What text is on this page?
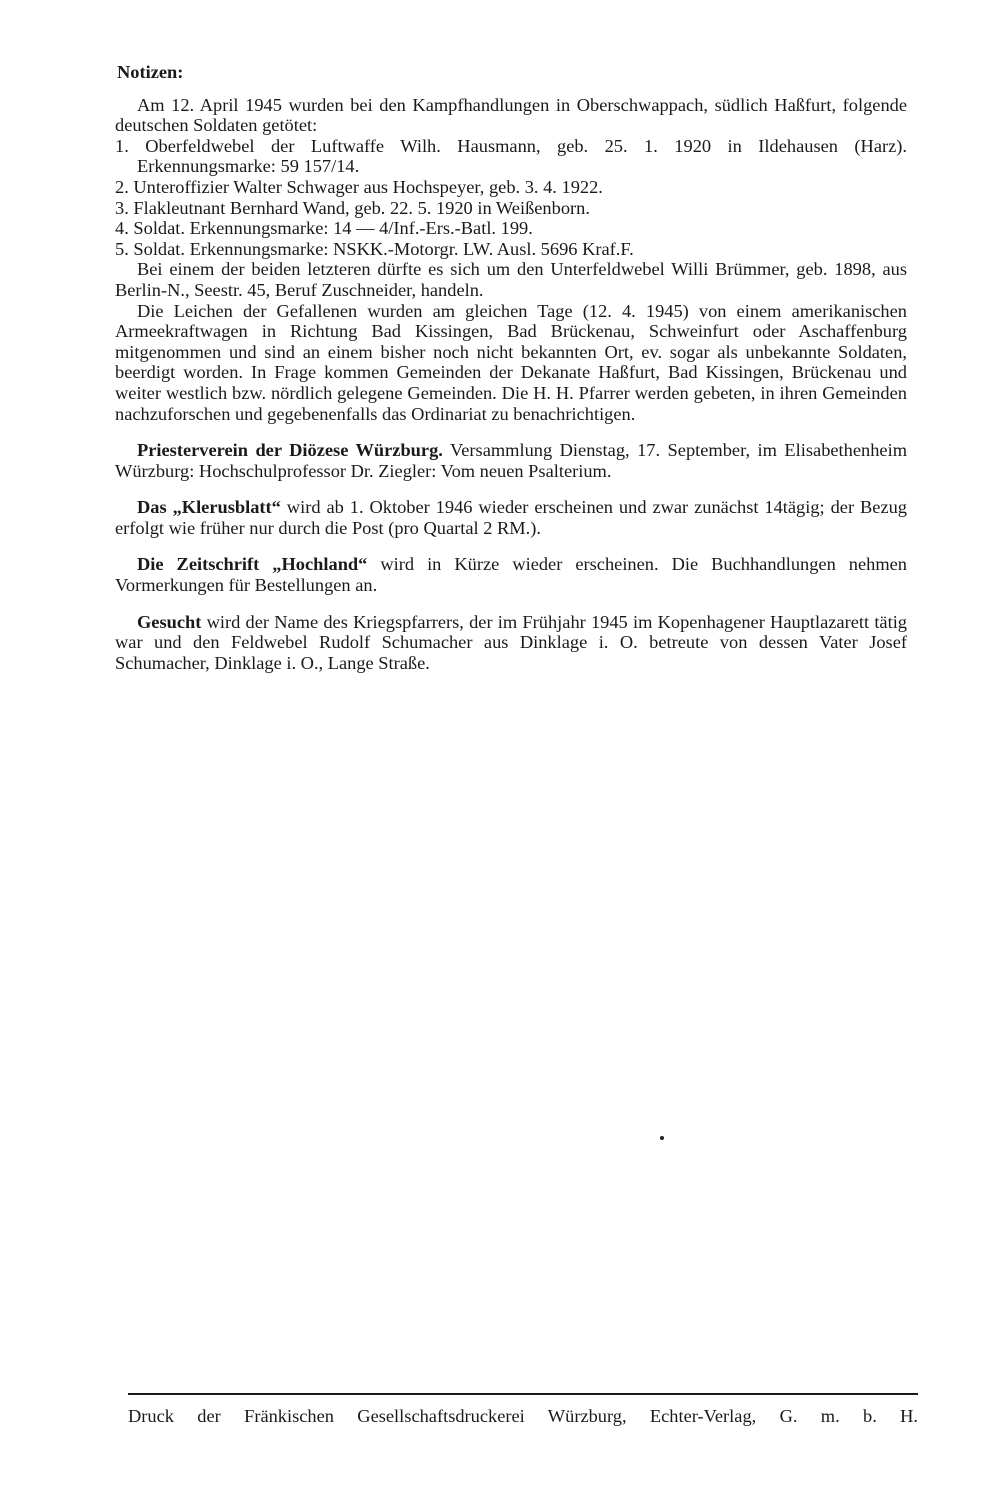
Notizen:

Am 12. April 1945 wurden bei den Kampfhandlungen in Oberschwappach, südlich Haßfurt, folgende deutschen Soldaten getötet:

1. Oberfeldwebel der Luftwaffe Wilh. Hausmann, geb. 25. 1. 1920 in Ildehausen (Harz). Erkennungsmarke: 59 157/14.
2. Unteroffizier Walter Schwager aus Hochspeyer, geb. 3. 4. 1922.
3. Flakleutnant Bernhard Wand, geb. 22. 5. 1920 in Weißenborn.
4. Soldat. Erkennungsmarke: 14 — 4/Inf.-Ers.-Batl. 199.
5. Soldat. Erkennungsmarke: NSKK.-Motorgr. LW. Ausl. 5696 Kraf.F.

Bei einem der beiden letzteren dürfte es sich um den Unterfeldwebel Willi Brümmer, geb. 1898, aus Berlin-N., Seestr. 45, Beruf Zuschneider, handeln.

Die Leichen der Gefallenen wurden am gleichen Tage (12. 4. 1945) von einem amerikanischen Armeekraftwagen in Richtung Bad Kissingen, Bad Brückenau, Schweinfurt oder Aschaffenburg mitgenommen und sind an einem bisher noch nicht bekannten Ort, ev. sogar als unbekannte Soldaten, beerdigt worden. In Frage kommen Gemeinden der Dekanate Haßfurt, Bad Kissingen, Brückenau und weiter westlich bzw. nördlich gelegene Gemeinden. Die H. H. Pfarrer werden gebeten, in ihren Gemeinden nachzuforschen und gegebenenfalls das Ordinariat zu benachrichtigen.

Priesterverein der Diözese Würzburg. Versammlung Dienstag, 17. September, im Elisabethenheim Würzburg: Hochschulprofessor Dr. Ziegler: Vom neuen Psalterium.

Das „Klerusblatt“ wird ab 1. Oktober 1946 wieder erscheinen und zwar zunächst 14tägig; der Bezug erfolgt wie früher nur durch die Post (pro Quartal 2 RM.).

Die Zeitschrift „Hochland“ wird in Kürze wieder erscheinen. Die Buchhandlungen nehmen Vormerkungen für Bestellungen an.

Gesucht wird der Name des Kriegspfarrers, der im Frühjahr 1945 im Kopenhagener Hauptlazarett tätig war und den Feldwebel Rudolf Schumacher aus Dinklage i. O. betreute von dessen Vater Josef Schumacher, Dinklage i. O., Lange Straße.

Druck der Fränkischen Gesellschaftsdruckerei Würzburg, Echter-Verlag, G. m. b. H.
